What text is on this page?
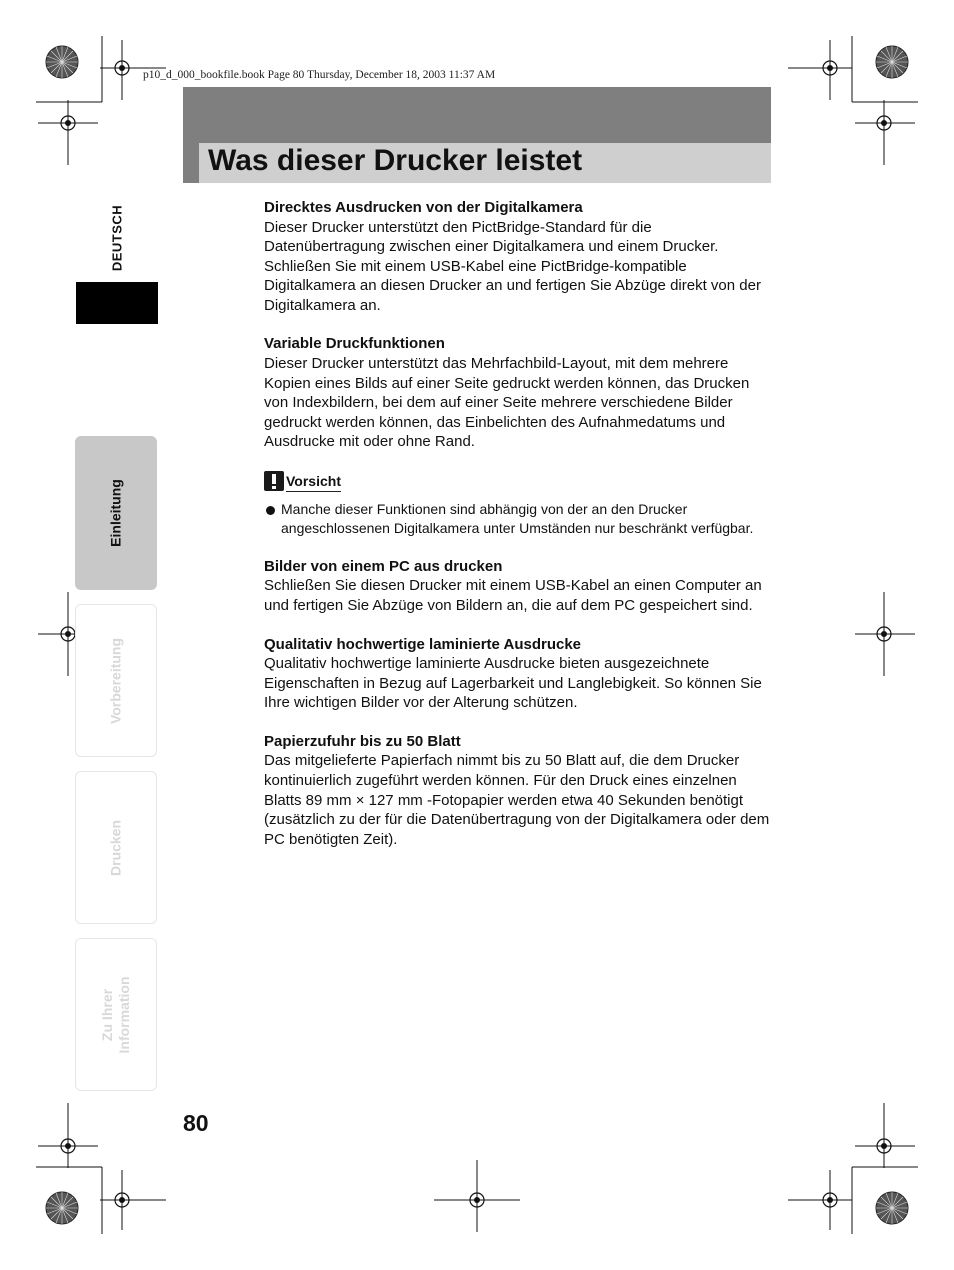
p10_d_000_bookfile.book Page 80 Thursday, December 18, 2003 11:37 AM
Was dieser Drucker leistet
DEUTSCH
Einleitung
Vorbereitung
Drucken
Zu Ihrer Information

Direcktes Ausdrucken von der Digitalkamera

Dieser Drucker unterstützt den PictBridge-Standard für die Datenübertragung zwischen einer Digitalkamera und einem Drucker. Schließen Sie mit einem USB-Kabel eine PictBridge-kompatible Digitalkamera an diesen Drucker an und fertigen Sie Abzüge direkt von der Digitalkamera an.

Variable Druckfunktionen

Dieser Drucker unterstützt das Mehrfachbild-Layout, mit dem mehrere Kopien eines Bilds auf einer Seite gedruckt werden können, das Drucken von Indexbildern, bei dem auf einer Seite mehrere verschiedene Bilder gedruckt werden können, das Einbelichten des Aufnahmedatums und Ausdrucke mit oder ohne Rand.

Vorsicht
Manche dieser Funktionen sind abhängig von der an den Drucker angeschlossenen Digitalkamera unter Umständen nur beschränkt verfügbar.

Bilder von einem PC aus drucken

Schließen Sie diesen Drucker mit einem USB-Kabel an einen Computer an und fertigen Sie Abzüge von Bildern an, die auf dem PC gespeichert sind.

Qualitativ hochwertige laminierte Ausdrucke

Qualitativ hochwertige laminierte Ausdrucke bieten ausgezeichnete Eigenschaften in Bezug auf Lagerbarkeit und Langlebigkeit. So können Sie Ihre wichtigen Bilder vor der Alterung schützen.

Papierzufuhr bis zu 50 Blatt

Das mitgelieferte Papierfach nimmt bis zu 50 Blatt auf, die dem Drucker kontinuierlich zugeführt werden können. Für den Druck eines einzelnen Blatts 89 mm × 127 mm -Fotopapier werden etwa 40 Sekunden benötigt (zusätzlich zu der für die Datenübertragung von der Digitalkamera oder dem PC benötigten Zeit).

80
